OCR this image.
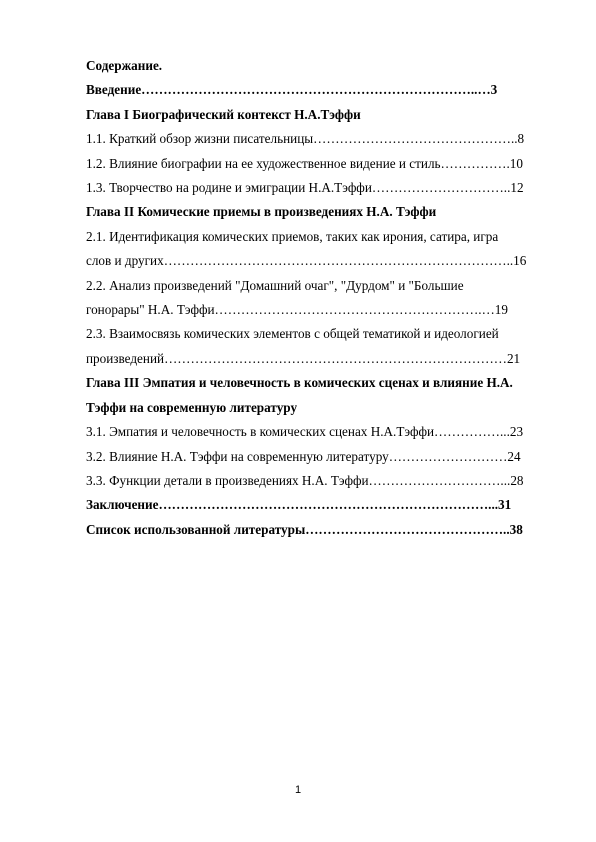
Содержание.
Введение…………………………………………………………………..…3
Глава I Биографический контекст Н.А.Тэффи
1.1. Краткий обзор жизни писательницы………………………………………..8
1.2. Влияние биографии на ее художественное видение и стиль…………….10
1.3. Творчество на родине и эмиграции Н.А.Тэффи…………………………..12
Глава II Комические приемы в произведениях Н.А. Тэффи
2.1. Идентификация комических приемов, таких как ирония, сатира, игра
слов и других……………………………………………………………………..16
2.2. Анализ произведений "Домашний очаг", "Дурдом" и "Большие
гонорары" Н.А. Тэффи…………………………………………………….…19
2.3. Взаимосвязь комических элементов с общей тематикой и идеологией
произведений……………………………………………………………………21
Глава III Эмпатия и человечность в комических сценах и влияние Н.А.
Тэффи на современную литературу
3.1. Эмпатия и человечность в комических сценах Н.А.Тэффи……………...23
3.2. Влияние Н.А. Тэффи на современную литературу………………………24
3.3. Функции детали в произведениях Н.А. Тэффи…………………………...28
Заключение…………………………………………………………………...31
Список использованной литературы………………………………………..38
1
